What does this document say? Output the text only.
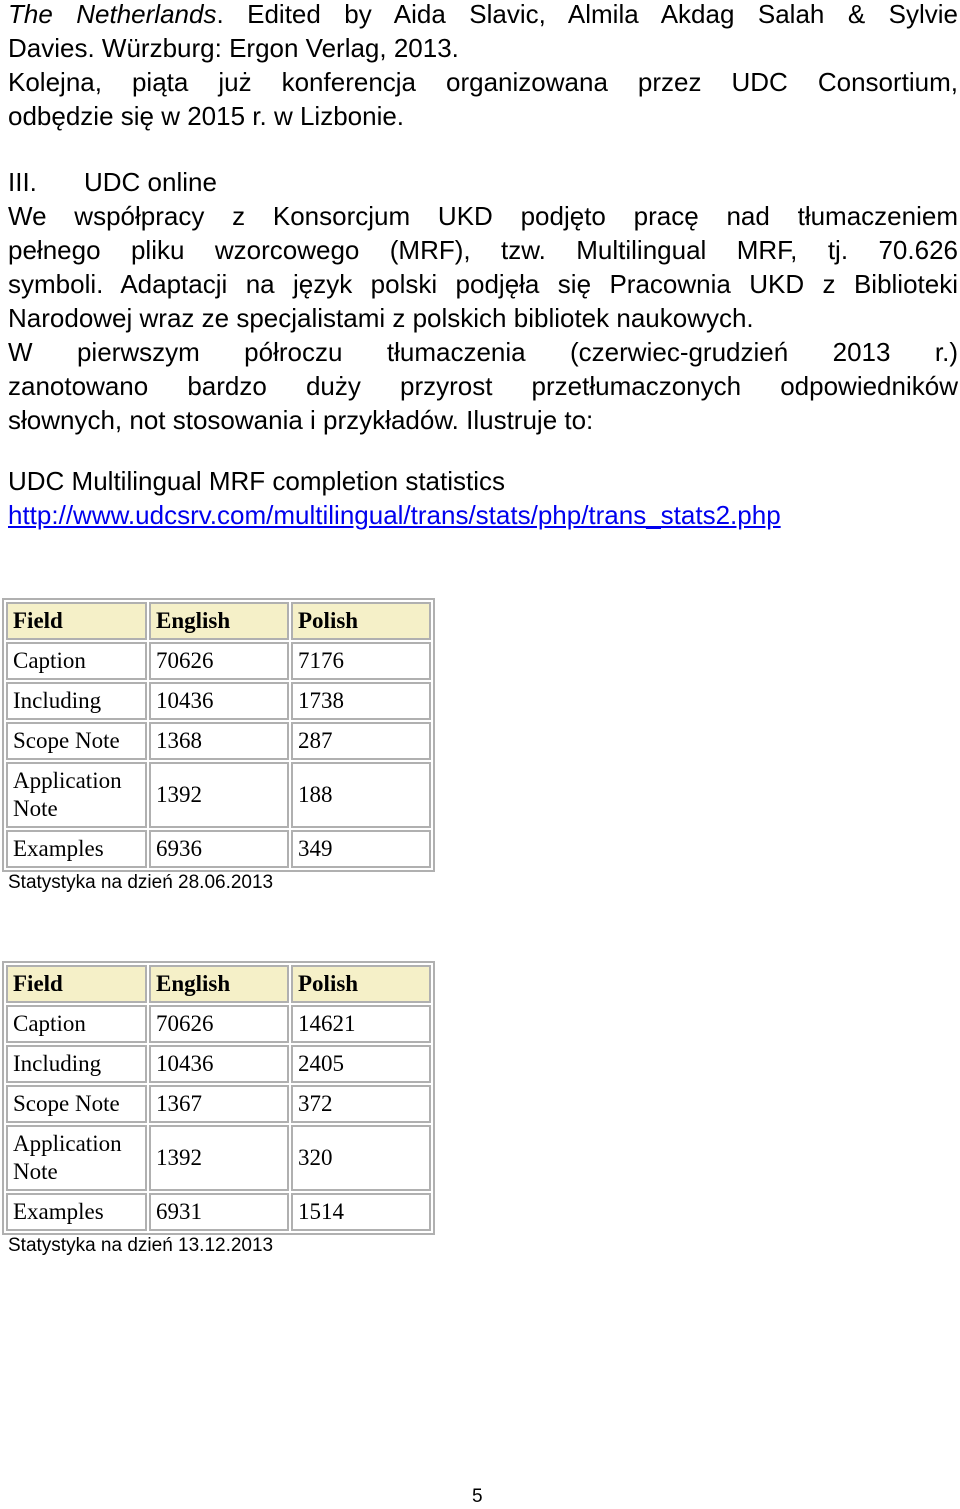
The Netherlands. Edited by Aida Slavic, Almila Akdag Salah & Sylvie
Davies. Würzburg: Ergon Verlag, 2013.
Kolejna, piąta już konferencja organizowana przez UDC Consortium,
odbędzie się w 2015 r. w Lizbonie.
III. UDC online
We współpracy z Konsorcjum UKD podjęto pracę nad tłumaczeniem
pełnego pliku wzorcowego (MRF), tzw. Multilingual MRF, tj. 70.626
symboli. Adaptacji na język polski podjęła się Pracownia UKD z Biblioteki
Narodowej wraz ze specjalistami z polskich bibliotek naukowych.
W pierwszym półroczu tłumaczenia (czerwiec-grudzień 2013 r.)
zanotowano bardzo duży przyrost przetłumaczonych odpowiedników
słownych, not stosowania i przykładów. Ilustruje to:
UDC Multilingual MRF completion statistics
http://www.udcsrv.com/multilingual/trans/stats/php/trans_stats2.php
Field	English	Polish
Caption	70626	7176
Including	10436	1738
Scope Note	1368	287
Application
Note	1392	188
Examples	6936	349
Statystyka na dzień 28.06.2013
Field	English	Polish
Caption	70626	14621
Including	10436	2405
Scope Note	1367	372
Application
Note	1392	320
Examples	6931	1514
Statystyka na dzień 13.12.2013
5
